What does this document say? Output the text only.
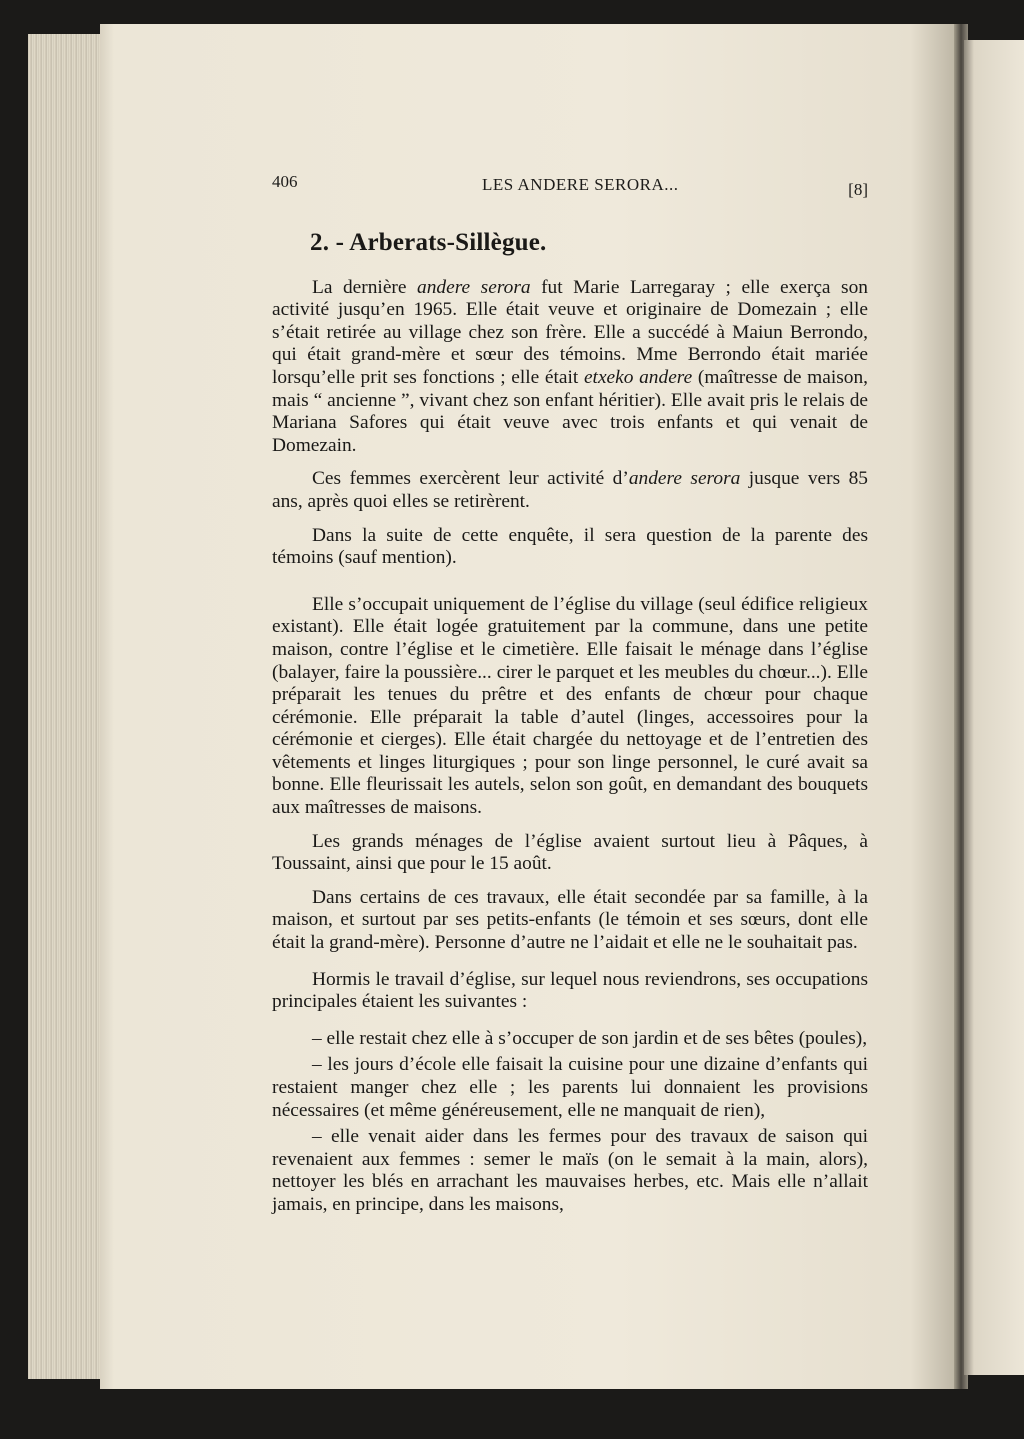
406	LES ANDERE SERORA...	[8]
2. - Arberats-Sillègue.

La dernière andere serora fut Marie Larregaray ; elle exerça son activité jusqu’en 1965. Elle était veuve et originaire de Domezain ; elle s’était retirée au village chez son frère. Elle a succédé à Maiun Berrondo, qui était grand-mère et sœur des témoins. Mme Berrondo était mariée lorsqu’elle prit ses fonctions ; elle était etxeko andere (maîtresse de maison, mais “ ancienne ”, vivant chez son enfant héritier). Elle avait pris le relais de Mariana Safores qui était veuve avec trois enfants et qui venait de Domezain.

Ces femmes exercèrent leur activité d’andere serora jusque vers 85 ans, après quoi elles se retirèrent.

Dans la suite de cette enquête, il sera question de la parente des témoins (sauf mention).

Elle s’occupait uniquement de l’église du village (seul édifice religieux existant). Elle était logée gratuitement par la commune, dans une petite maison, contre l’église et le cimetière. Elle faisait le ménage dans l’église (balayer, faire la poussière... cirer le parquet et les meubles du chœur...). Elle préparait les tenues du prêtre et des enfants de chœur pour chaque cérémonie. Elle préparait la table d’autel (linges, accessoires pour la cérémonie et cierges). Elle était chargée du nettoyage et de l’entretien des vêtements et linges liturgiques ; pour son linge personnel, le curé avait sa bonne. Elle fleurissait les autels, selon son goût, en demandant des bouquets aux maîtresses de maisons.

Les grands ménages de l’église avaient surtout lieu à Pâques, à Toussaint, ainsi que pour le 15 août.

Dans certains de ces travaux, elle était secondée par sa famille, à la maison, et surtout par ses petits-enfants (le témoin et ses sœurs, dont elle était la grand-mère). Personne d’autre ne l’aidait et elle ne le souhaitait pas.

Hormis le travail d’église, sur lequel nous reviendrons, ses occupations principales étaient les suivantes :

– elle restait chez elle à s’occuper de son jardin et de ses bêtes (poules),

– les jours d’école elle faisait la cuisine pour une dizaine d’enfants qui restaient manger chez elle ; les parents lui donnaient les provisions nécessaires (et même généreusement, elle ne manquait de rien),

– elle venait aider dans les fermes pour des travaux de saison qui revenaient aux femmes : semer le maïs (on le semait à la main, alors), nettoyer les blés en arrachant les mauvaises herbes, etc. Mais elle n’allait jamais, en principe, dans les maisons,
